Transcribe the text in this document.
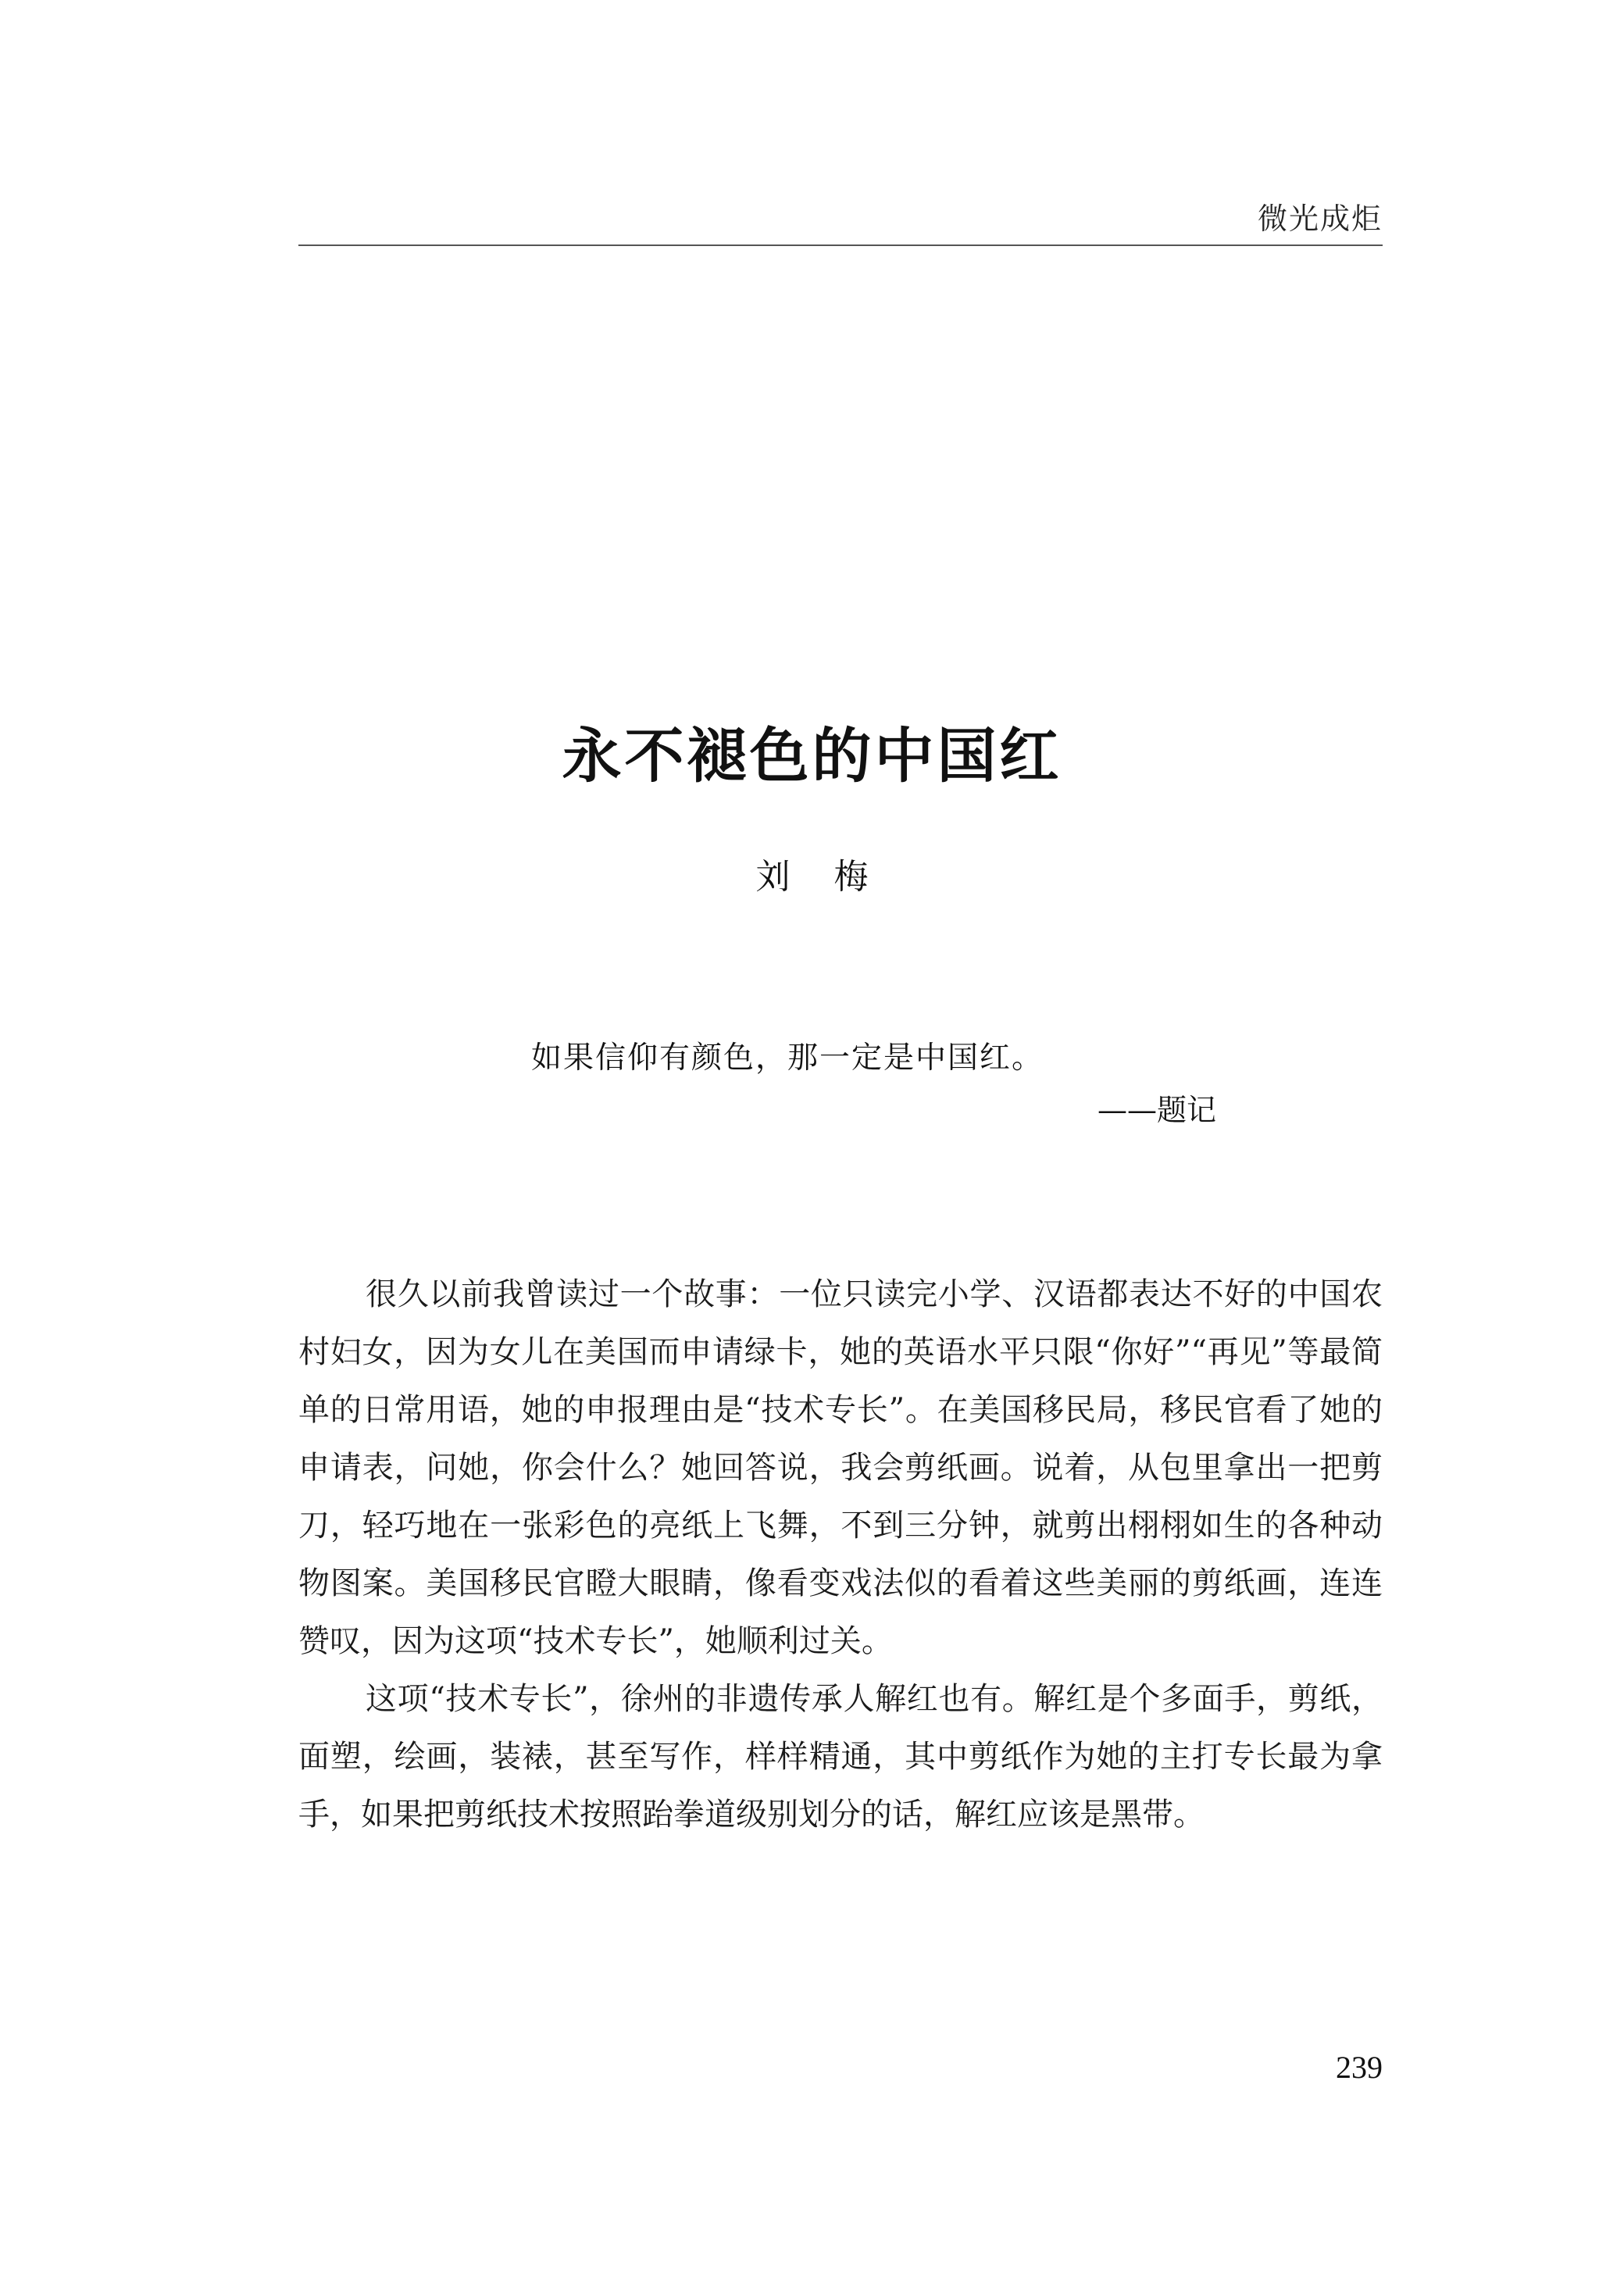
微光成炬
永不褪色的中国红
刘 梅
如果信仰有颜色，那一定是中国红。
——题记

很久以前我曾读过一个故事：一位只读完小学、汉语都表达不好的中国农村妇女，因为女儿在美国而申请绿卡，她的英语水平只限“你好”“再见”等最简单的日常用语，她的申报理由是“技术专长”。在美国移民局，移民官看了她的申请表，问她，你会什么？她回答说，我会剪纸画。说着，从包里拿出一把剪刀，轻巧地在一张彩色的亮纸上飞舞，不到三分钟，就剪出栩栩如生的各种动物图案。美国移民官瞪大眼睛，像看变戏法似的看着这些美丽的剪纸画，连连赞叹，因为这项“技术专长”，她顺利过关。

这项“技术专长”，徐州的非遗传承人解红也有。解红是个多面手，剪纸，面塑，绘画，装裱，甚至写作，样样精通，其中剪纸作为她的主打专长最为拿手，如果把剪纸技术按照跆拳道级别划分的话，解红应该是黑带。

239
